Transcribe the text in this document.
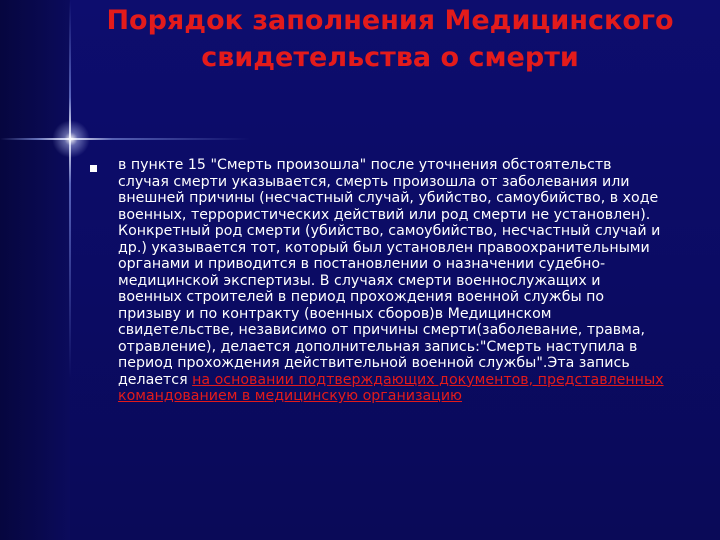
Порядок заполнения Медицинского свидетельства о смерти

в пункте 15 "Смерть произошла" после уточнения обстоятельств случая смерти указывается, смерть произошла от заболевания или внешней причины (несчастный случай, убийство, самоубийство, в ходе военных, террористических действий или род смерти не установлен). Конкретный род смерти (убийство, самоубийство, несчастный случай и др.) указывается тот, который был установлен правоохранительными органами и приводится в постановлении о назначении судебно-медицинской экспертизы. В случаях смерти военнослужащих и военных строителей в период прохождения военной службы по призыву и по контракту (военных сборов)в Медицинском свидетельстве, независимо от причины смерти(заболевание, травма, отравление), делается дополнительная запись:"Смерть наступила в период прохождения действительной военной службы".Эта запись делается на основании подтверждающих документов, представленных командованием в медицинскую организацию
